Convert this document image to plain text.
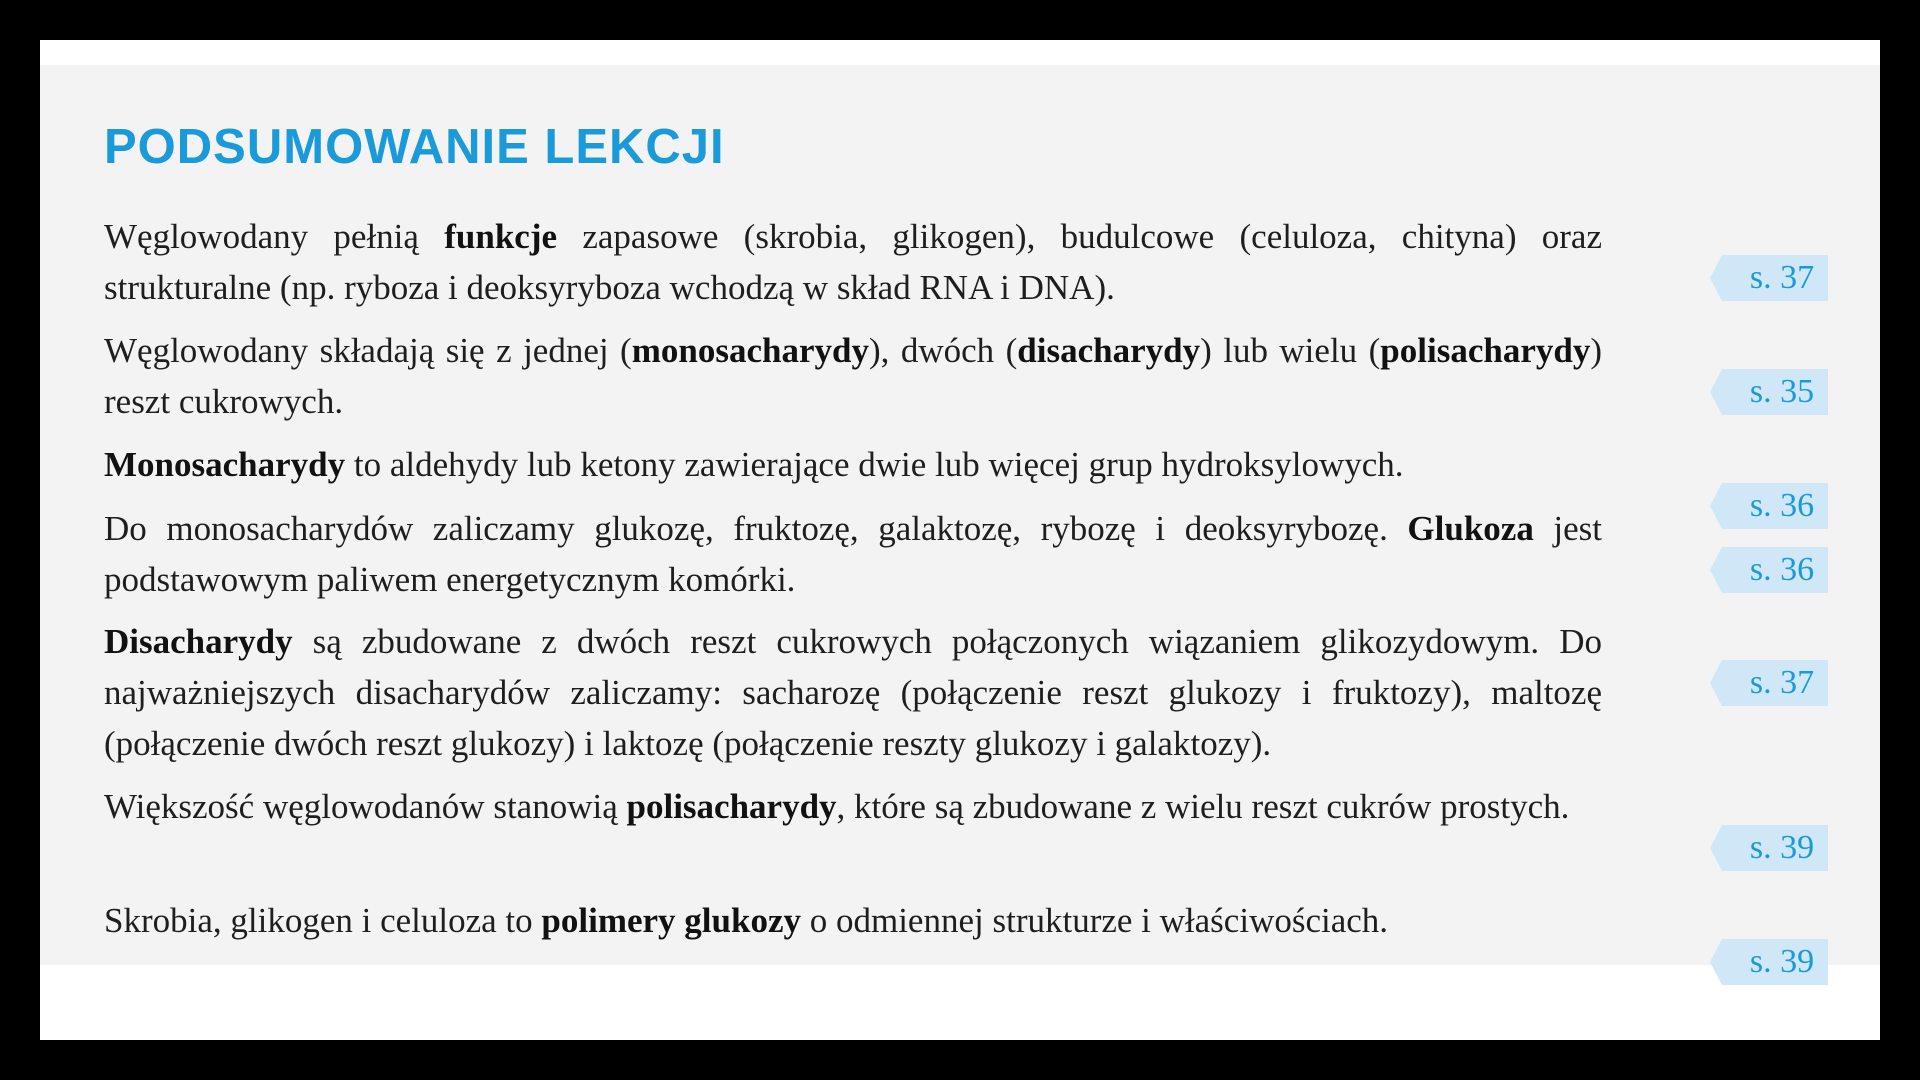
PODSUMOWANIE LEKCJI

Węglowodany pełnią funkcje zapasowe (skrobia, glikogen), budulcowe (celuloza, chityna) oraz strukturalne (np. ryboza i deoksyryboza wchodzą w skład RNA i DNA).	s. 37

Węglowodany składają się z jednej (monosacharydy), dwóch (disacharydy) lub wielu (polisacharydy) reszt cukrowych.	s. 35

Monosacharydy to aldehydy lub ketony zawierające dwie lub więcej grup hydroksylowych.

s. 36

Do monosacharydów zaliczamy glukozę, fruktozę, galaktozę, rybozę i deoksyrybozę. Glukoza jest podstawowym paliwem energetycznym komórki.	s. 36

Disacharydy są zbudowane z dwóch reszt cukrowych połączonych wiązaniem glikozydowym. Do najważniejszych disacharydów zaliczamy: sacharozę (połączenie reszt glukozy i fruktozy), maltozę (połączenie dwóch reszt glukozy) i laktozę (połączenie reszty glukozy i galaktozy).

s. 37

Większość węglowodanów stanowią polisacharydy, które są zbudowane z wielu reszt cukrów prostych.

s. 39

Skrobia, glikogen i celuloza to polimery glukozy o odmiennej strukturze i właściwościach.

s. 39
